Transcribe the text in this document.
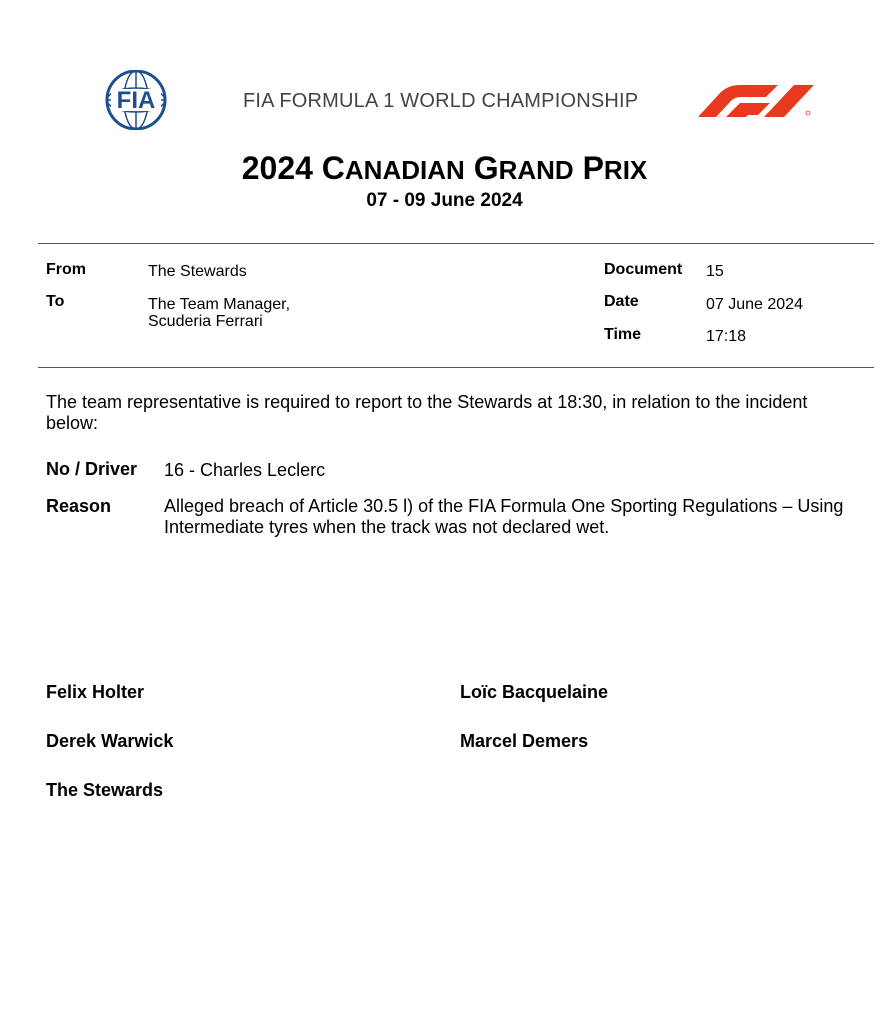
FIA	FIA FORMULA 1 WORLD CHAMPIONSHIP
2024 CANADIAN GRAND PRIX
07 - 09 June 2024
From	The Stewards
To	The Team Manager,
Scuderia Ferrari
Document 15
Date	07 June 2024
Time	17:18
The team representative is required to report to the Stewards at 18:30, in relation to the incident below:
No / Driver 16 - Charles Leclerc
Reason	Alleged breach of Article 30.5 l) of the FIA Formula One Sporting Regulations – Using Intermediate tyres when the track was not declared wet.
Felix Holter	Loïc Bacquelaine
Derek Warwick	Marcel Demers
The Stewards
